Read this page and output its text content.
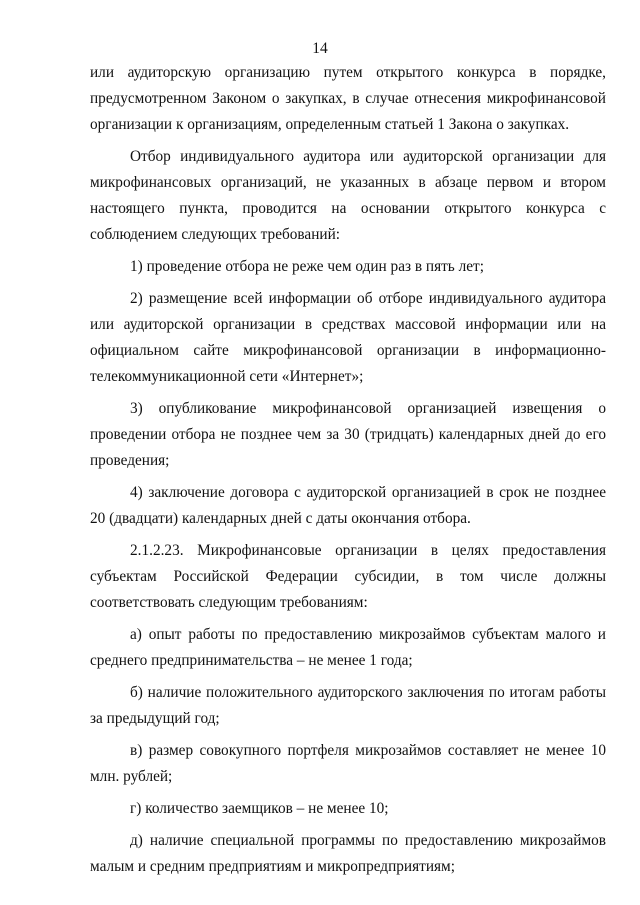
14

или аудиторскую организацию путем открытого конкурса в порядке, предусмотренном Законом о закупках, в случае отнесения микрофинансовой организации к организациям, определенным статьей 1 Закона о закупках.

Отбор индивидуального аудитора или аудиторской организации для микрофинансовых организаций, не указанных в абзаце первом и втором настоящего пункта, проводится на основании открытого конкурса с соблюдением следующих требований:

1) проведение отбора не реже чем один раз в пять лет;

2) размещение всей информации об отборе индивидуального аудитора или аудиторской организации в средствах массовой информации или на официальном сайте микрофинансовой организации в информационно-телекоммуникационной сети «Интернет»;

3) опубликование микрофинансовой организацией извещения о проведении отбора не позднее чем за 30 (тридцать) календарных дней до его проведения;

4) заключение договора с аудиторской организацией в срок не позднее 20 (двадцати) календарных дней с даты окончания отбора.

2.1.2.23. Микрофинансовые организации в целях предоставления субъектам Российской Федерации субсидии, в том числе должны соответствовать следующим требованиям:

а) опыт работы по предоставлению микрозаймов субъектам малого и среднего предпринимательства – не менее 1 года;

б) наличие положительного аудиторского заключения по итогам работы за предыдущий год;

в) размер совокупного портфеля микрозаймов составляет не менее 10 млн. рублей;

г) количество заемщиков – не менее 10;

д) наличие специальной программы по предоставлению микрозаймов малым и средним предприятиям и микропредприятиям;
